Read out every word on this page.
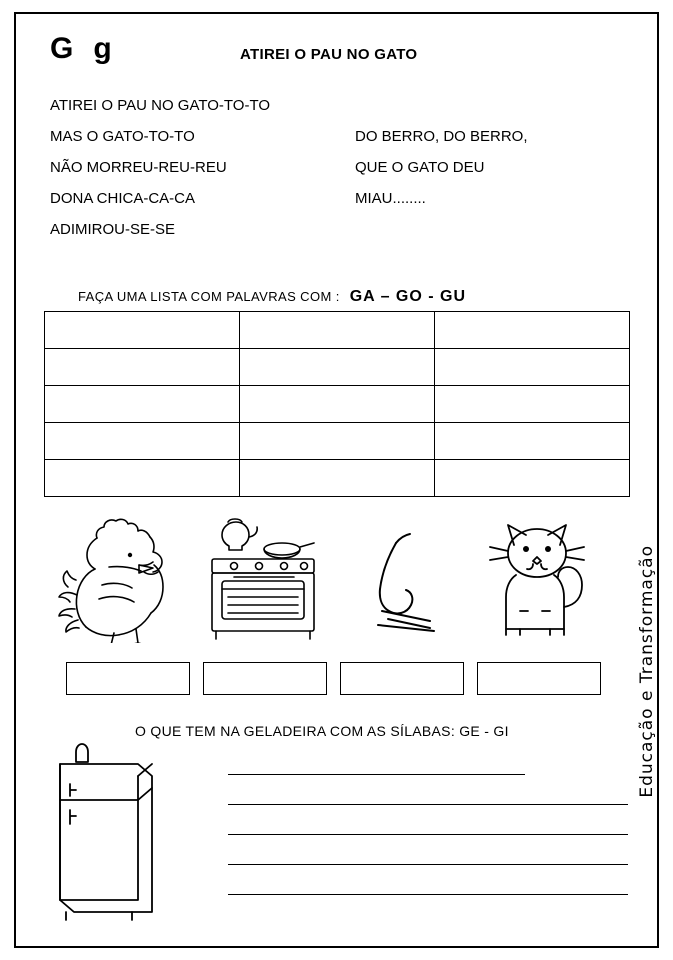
G g	ATIREI O PAU NO GATO
ATIREI O PAU NO GATO-TO-TO
MAS O GATO-TO-TO
NÃO MORREU-REU-REU
DONA CHICA-CA-CA
ADIMIROU-SE-SE
DO BERRO, DO BERRO,
QUE O GATO DEU
MIAU........
FAÇA UMA LISTA COM PALAVRAS COM : GA – GO - GU

O QUE TEM NA GELADEIRA COM AS SÍLABAS: GE - GI	Educação e Transformação
